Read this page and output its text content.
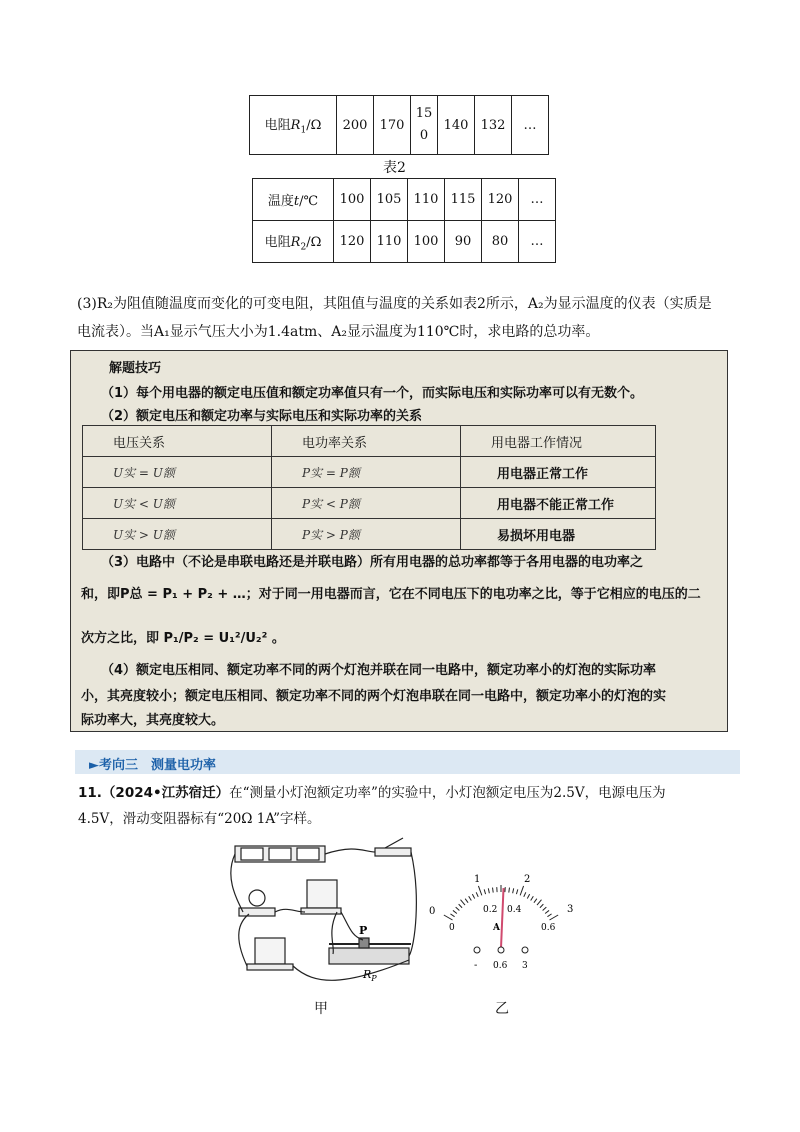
电阻$R_1/\Omega$	200	170	150	140	132	…
表2
温度t/℃	100	105	110	115	120	…
电阻$R_2/\Omega$	120	110	100	90	80	…
(3)R₂为阻值随温度而变化的可变电阻，其阻值与温度的关系如表2所示，A₂为显示温度的仪表（实质是
电流表）。当A₁显示气压大小为1.4atm、A₂显示温度为110℃时，求电路的总功率。
解题技巧
（1）每个用电器的额定电压值和额定功率值只有一个，而实际电压和实际功率可以有无数个。
（2）额定电压和额定功率与实际电压和实际功率的关系
电压关系	电功率关系	用电器工作情况
U实 = U额	P实 = P额	用电器正常工作
U实 < U额	P实 < P额	用电器不能正常工作
U实 > U额	P实 > P额	易损坏用电器
（3）电路中（不论是串联电路还是并联电路）所有用电器的总功率都等于各用电器的电功率之
和，即P总 = P₁ + P₂ + …；对于同一用电器而言，它在不同电压下的电功率之比，等于它相应的电压的二
次方之比，即 P₁/P₂ = U₁²/U₂² 。
（4）额定电压相同、额定功率不同的两个灯泡并联在同一电路中，额定功率小的灯泡的实际功率
小，其亮度较小；额定电压相同、额定功率不同的两个灯泡串联在同一电路中，额定功率小的灯泡的实
际功率大，其亮度较大。
►考向三　测量电功率
11.（2024•江苏宿迁）在“测量小灯泡额定功率”的实验中，小灯泡额定电压为2.5V，电源电压为
4.5V，滑动变阻器标有“20Ω 1A”字样。
P
$R_P$
甲
0
1	2
3
0
0.2 0.4
0.6
A
- 0.6 3
乙
